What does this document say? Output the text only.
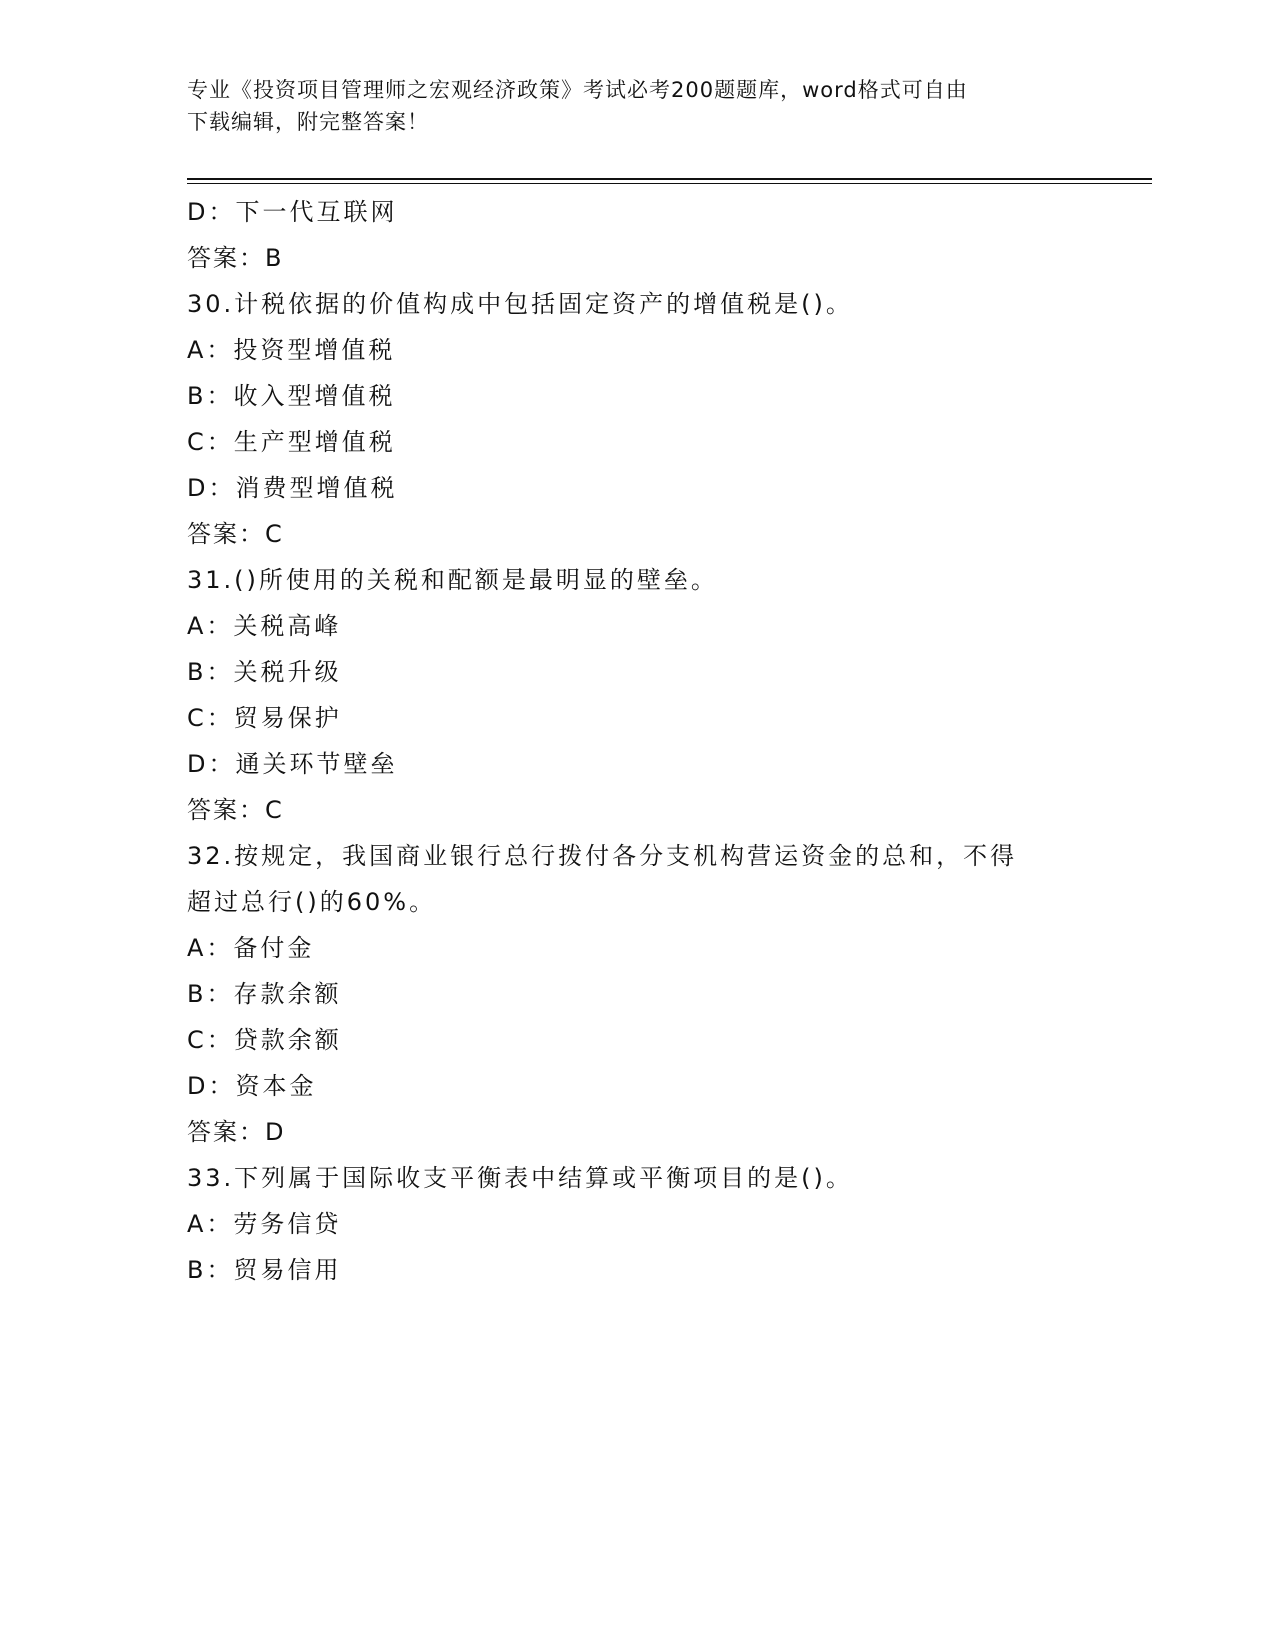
专业《投资项目管理师之宏观经济政策》考试必考200题题库，word格式可自由
下载编辑，附完整答案！
D：下一代互联网
答案：B
30.计税依据的价值构成中包括固定资产的增值税是()。
A：投资型增值税
B：收入型增值税
C：生产型增值税
D：消费型增值税
答案：C
31.()所使用的关税和配额是最明显的壁垒。
A：关税高峰
B：关税升级
C：贸易保护
D：通关环节壁垒
答案：C
32.按规定，我国商业银行总行拨付各分支机构营运资金的总和，不得
超过总行()的60%。
A：备付金
B：存款余额
C：贷款余额
D：资本金
答案：D
33.下列属于国际收支平衡表中结算或平衡项目的是()。
A：劳务信贷
B：贸易信用
